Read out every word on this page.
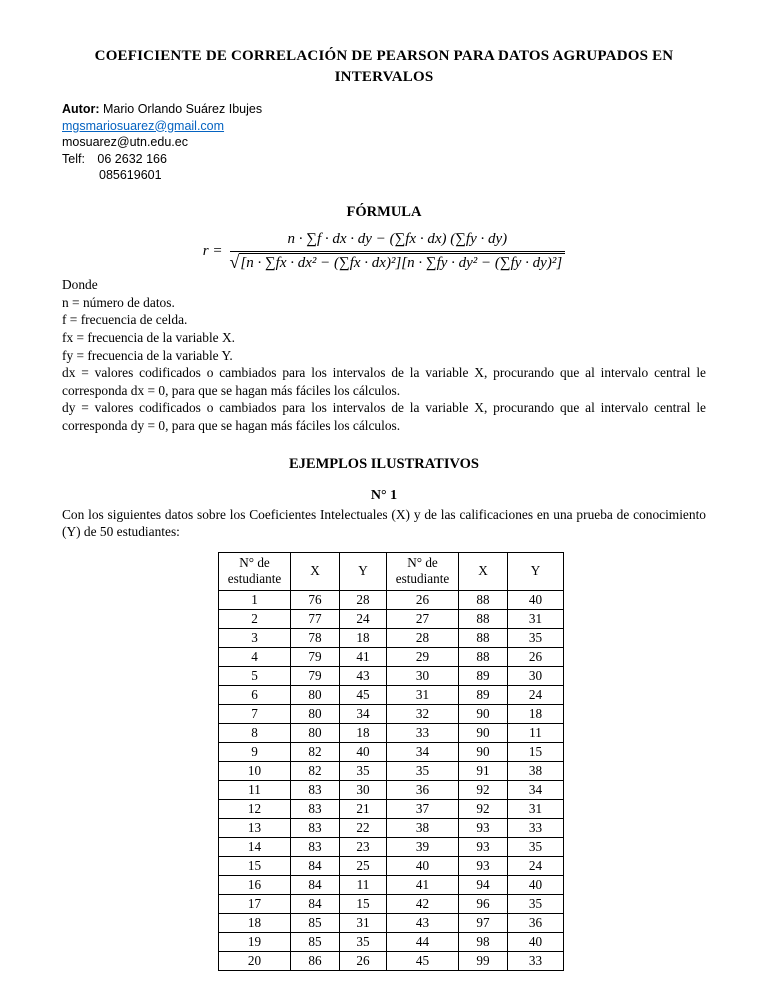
COEFICIENTE DE CORRELACIÓN DE PEARSON PARA DATOS AGRUPADOS EN INTERVALOS
Autor: Mario Orlando Suárez Ibujes
mgsmariosuarez@gmail.com
mosuarez@utn.edu.ec
Telf: 06 2632 166
085619601
FÓRMULA
r =
n · ∑f · dx · dy − (∑fx · dx) (∑fy · dy)
√ [n · ∑fx · dx² − (∑fx · dx)²][n · ∑fy · dy² − (∑fy · dy)²]

Donde

n = número de datos.

f = frecuencia de celda.

fx = frecuencia de la variable X.

fy = frecuencia de la variable Y.

dx = valores codificados o cambiados para los intervalos de la variable X, procurando que al intervalo central le corresponda dx = 0, para que se hagan más fáciles los cálculos.

dy = valores codificados o cambiados para los intervalos de la variable X, procurando que al intervalo central le corresponda dy = 0, para que se hagan más fáciles los cálculos.

EJEMPLOS ILUSTRATIVOS
N° 1

Con los siguientes datos sobre los Coeficientes Intelectuales (X) y de las calificaciones en una prueba de conocimiento (Y) de 50 estudiantes:

N° de estudiante	X	Y	N° de estudiante	X	Y
1	76	28	26	88	40
2	77	24	27	88	31
3	78	18	28	88	35
4	79	41	29	88	26
5	79	43	30	89	30
6	80	45	31	89	24
7	80	34	32	90	18
8	80	18	33	90	11
9	82	40	34	90	15
10	82	35	35	91	38
11	83	30	36	92	34
12	83	21	37	92	31
13	83	22	38	93	33
14	83	23	39	93	35
15	84	25	40	93	24
16	84	11	41	94	40
17	84	15	42	96	35
18	85	31	43	97	36
19	85	35	44	98	40
20	86	26	45	99	33
